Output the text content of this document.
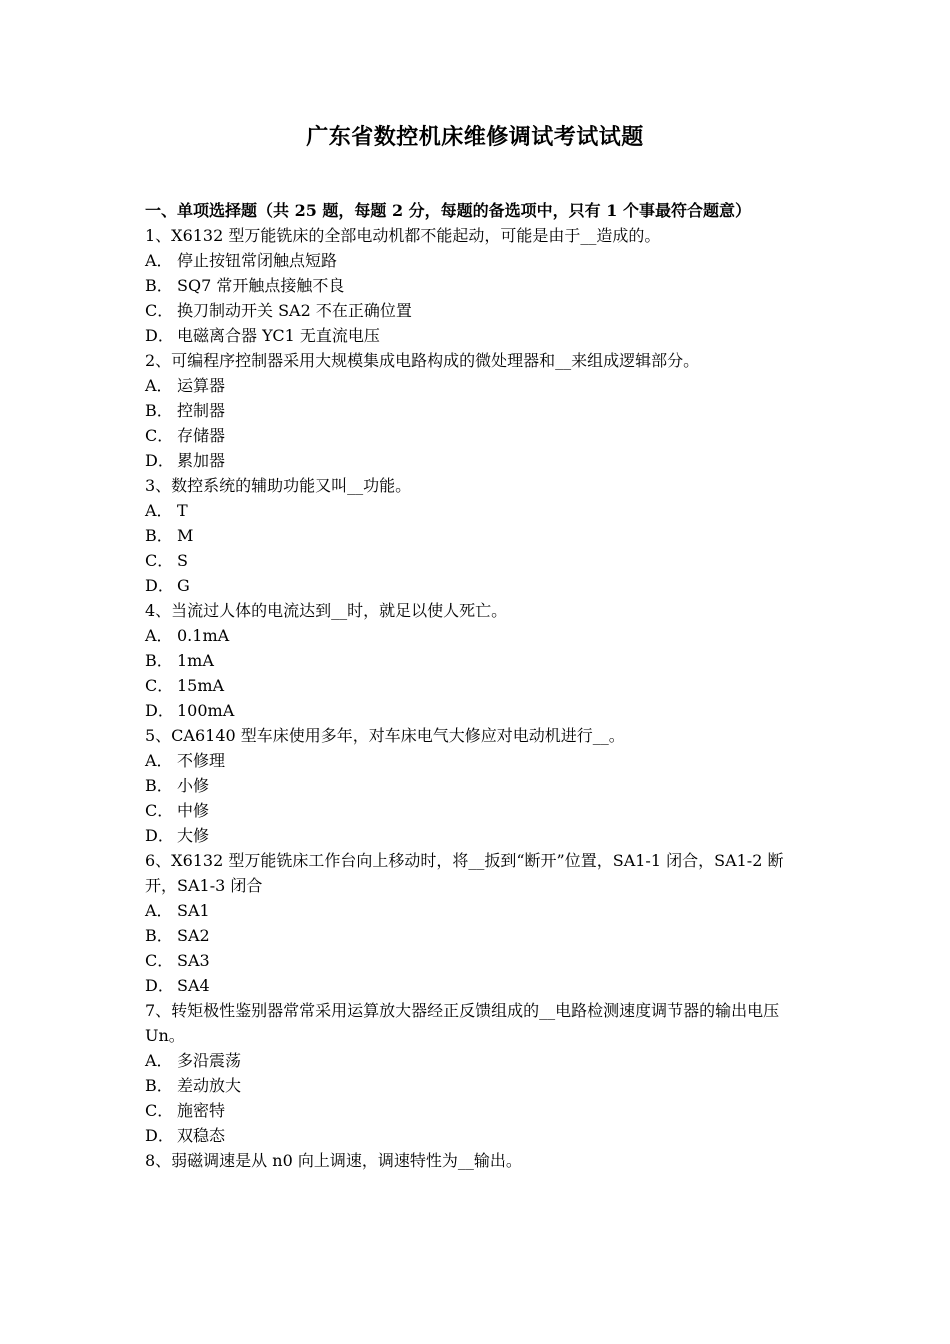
广东省数控机床维修调试考试试题

一、单项选择题（共 25 题，每题 2 分，每题的备选项中，只有 1 个事最符合题意）

1、X6132 型万能铣床的全部电动机都不能起动，可能是由于__造成的。

A． 停止按钮常闭触点短路

B． SQ7 常开触点接触不良

C． 换刀制动开关 SA2 不在正确位置

D． 电磁离合器 YC1 无直流电压

2、可编程序控制器采用大规模集成电路构成的微处理器和__来组成逻辑部分。

A． 运算器

B． 控制器

C． 存储器

D． 累加器

3、数控系统的辅助功能又叫__功能。

A． T

B． M

C． S

D． G

4、当流过人体的电流达到__时，就足以使人死亡。

A． 0.1mA

B． 1mA

C． 15mA

D． 100mA

5、CA6140 型车床使用多年，对车床电气大修应对电动机进行__。

A． 不修理

B． 小修

C． 中修

D． 大修

6、X6132 型万能铣床工作台向上移动时，将__扳到“断开”位置，SA1-1 闭合，SA1-2 断开，SA1-3 闭合

A． SA1

B． SA2

C． SA3

D． SA4

7、转矩极性鉴别器常常采用运算放大器经正反馈组成的__电路检测速度调节器的输出电压 Un。

A． 多沿震荡

B． 差动放大

C． 施密特

D． 双稳态

8、弱磁调速是从 n0 向上调速，调速特性为__输出。
